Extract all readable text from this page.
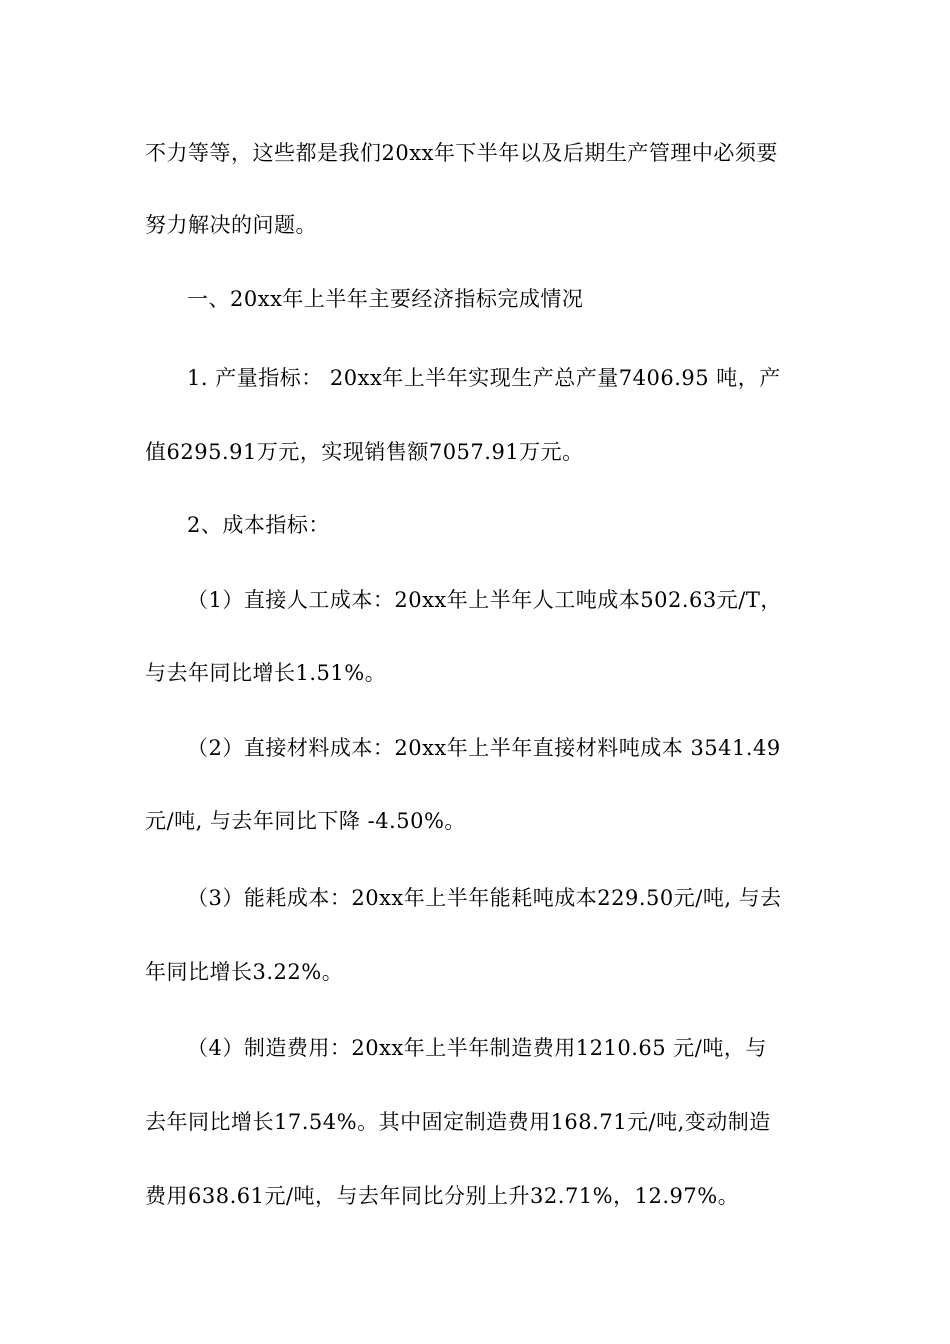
不力等等，这些都是我们20xx年下半年以及后期生产管理中必须要
努力解决的问题。
一、20xx年上半年主要经济指标完成情况
1. 产量指标： 20xx年上半年实现生产总产量7406.95 吨，产
值6295.91万元，实现销售额7057.91万元。
2、成本指标：
（1）直接人工成本：20xx年上半年人工吨成本502.63元/T，
与去年同比增长1.51%。
（2）直接材料成本：20xx年上半年直接材料吨成本 3541.49
元/吨, 与去年同比下降 -4.50%。
（3）能耗成本：20xx年上半年能耗吨成本229.50元/吨, 与去
年同比增长3.22%。
（4）制造费用：20xx年上半年制造费用1210.65 元/吨，与
去年同比增长17.54%。其中固定制造费用168.71元/吨,变动制造
费用638.61元/吨，与去年同比分别上升32.71%，12.97%。
